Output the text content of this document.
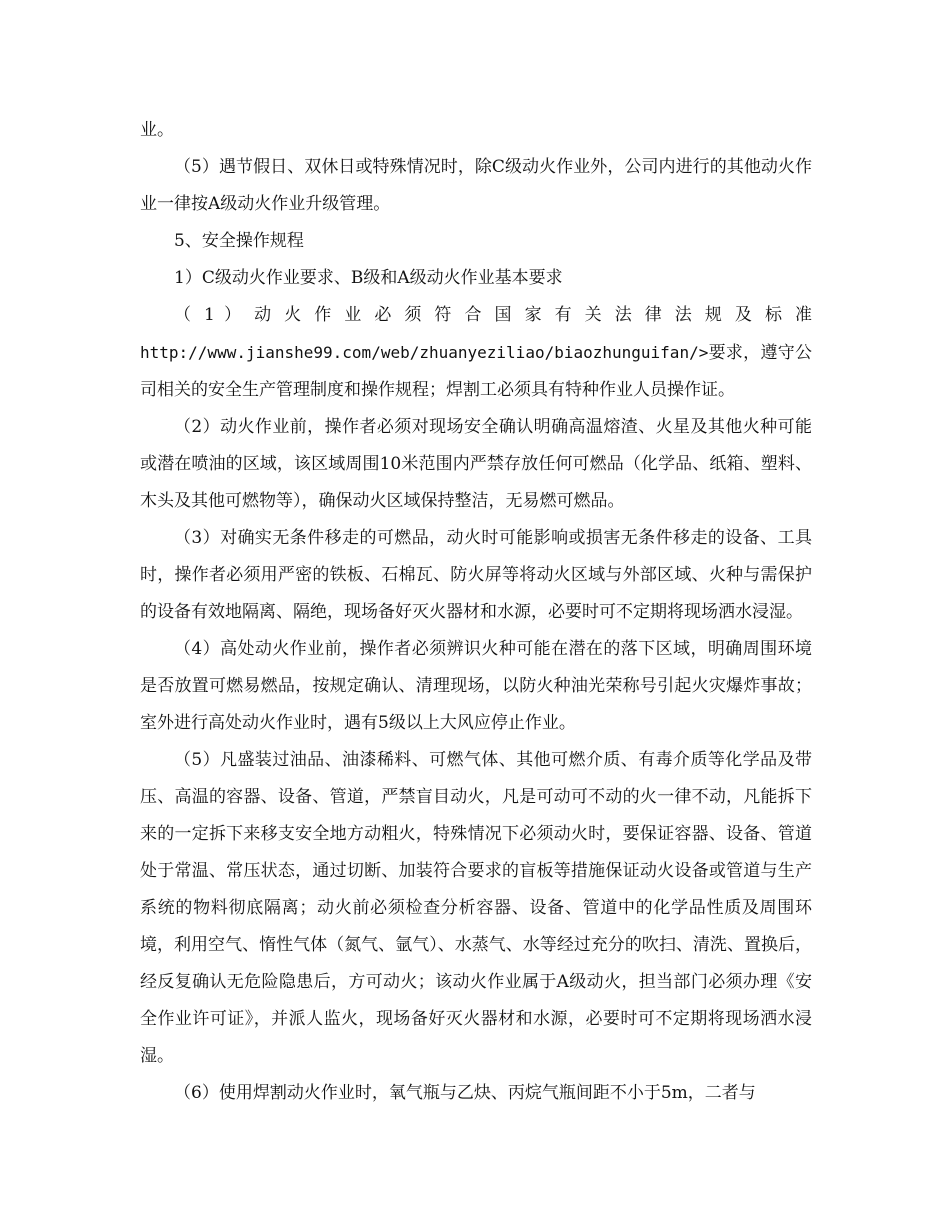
业。

（5）遇节假日、双休日或特殊情况时，除C级动火作业外，公司内进行的其他动火作业一律按A级动火作业升级管理。

5、安全操作规程

1）C级动火作业要求、B级和A级动火作业基本要求

（ 1 ） 动 火 作 业 必 须 符 合 国 家 有 关 法 律 法 规 及 标 准

http://www.jianshe99.com/web/zhuanyeziliao/biaozhunguifan/>要求，遵守公司相关的安全生产管理制度和操作规程；焊割工必须具有特种作业人员操作证。

（2）动火作业前，操作者必须对现场安全确认明确高温熔渣、火星及其他火种可能或潜在喷油的区域，该区域周围10米范围内严禁存放任何可燃品（化学品、纸箱、塑料、木头及其他可燃物等），确保动火区域保持整洁，无易燃可燃品。

（3）对确实无条件移走的可燃品，动火时可能影响或损害无条件移走的设备、工具时，操作者必须用严密的铁板、石棉瓦、防火屏等将动火区域与外部区域、火种与需保护的设备有效地隔离、隔绝，现场备好灭火器材和水源，必要时可不定期将现场洒水浸湿。

（4）高处动火作业前，操作者必须辨识火种可能在潜在的落下区域，明确周围环境是否放置可燃易燃品，按规定确认、清理现场，以防火种油光荣称号引起火灾爆炸事故；室外进行高处动火作业时，遇有5级以上大风应停止作业。

（5）凡盛装过油品、油漆稀料、可燃气体、其他可燃介质、有毒介质等化学品及带压、高温的容器、设备、管道，严禁盲目动火，凡是可动可不动的火一律不动，凡能拆下来的一定拆下来移支安全地方动粗火，特殊情况下必须动火时，要保证容器、设备、管道处于常温、常压状态，通过切断、加装符合要求的盲板等措施保证动火设备或管道与生产系统的物料彻底隔离；动火前必须检查分析容器、设备、管道中的化学品性质及周围环境，利用空气、惰性气体（氮气、氩气）、水蒸气、水等经过充分的吹扫、清洗、置换后，经反复确认无危险隐患后，方可动火；该动火作业属于A级动火，担当部门必须办理《安全作业许可证》，并派人监火，现场备好灭火器材和水源，必要时可不定期将现场洒水浸湿。

（6）使用焊割动火作业时，氧气瓶与乙炔、丙烷气瓶间距不小于5m，二者与
